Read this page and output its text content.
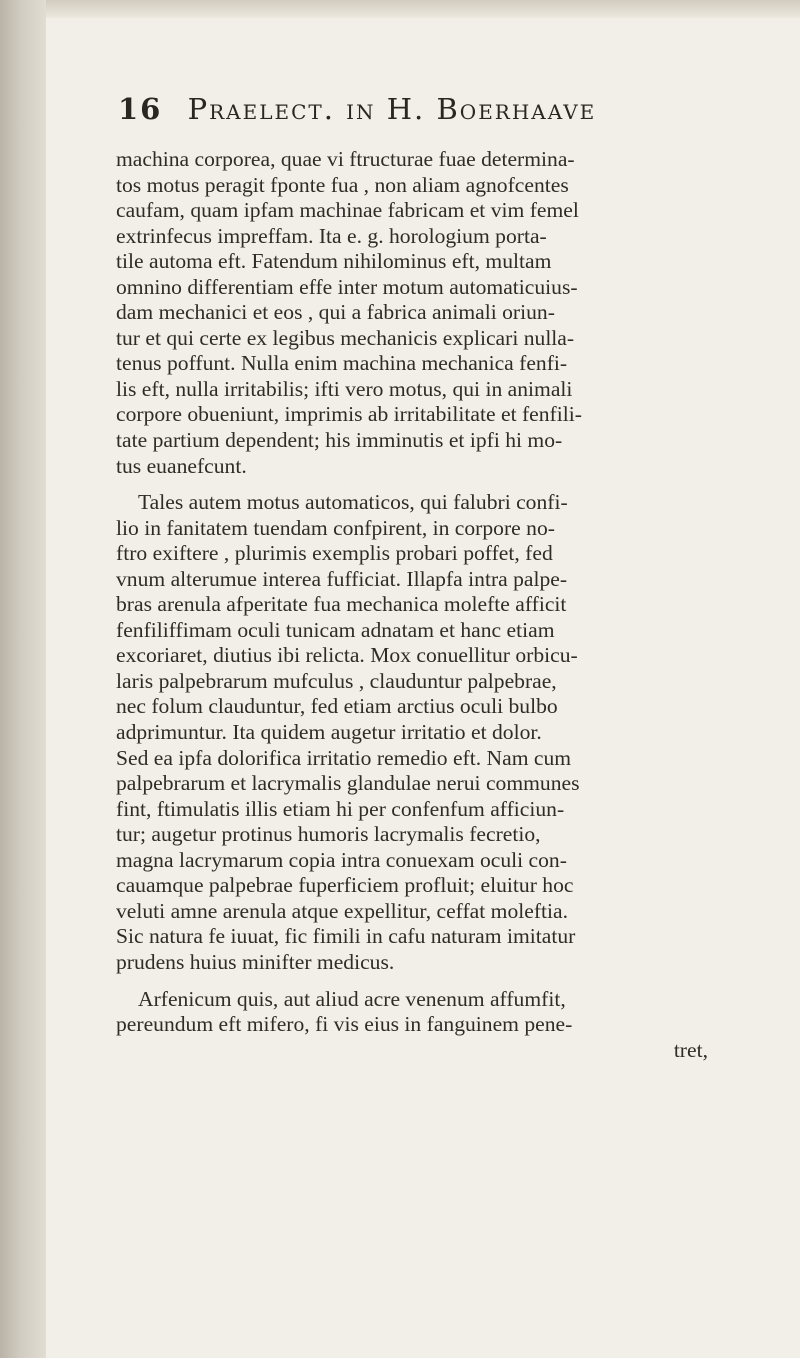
16 Praelect. in H. Boerhaave
machina corporea, quae vi ftructurae fuae determina-
tos motus peragit fponte fua , non aliam agnofcentes
caufam, quam ipfam machinae fabricam et vim femel
extrinfecus impreffam. Ita e. g. horologium porta-
tile automa eft. Fatendum nihilominus eft, multam
omnino differentiam effe inter motum automaticuius-
dam mechanici et eos , qui a fabrica animali oriun-
tur et qui certe ex legibus mechanicis explicari nulla-
tenus poffunt. Nulla enim machina mechanica fenfi-
lis eft, nulla irritabilis; ifti vero motus, qui in animali
corpore obueniunt, imprimis ab irritabilitate et fenfili-
tate partium dependent; his imminutis et ipfi hi mo-
tus euanefcunt.
Tales autem motus automaticos, qui falubri confi-
lio in fanitatem tuendam confpirent, in corpore no-
ftro exiftere , plurimis exemplis probari poffet, fed
vnum alterumue interea fufficiat. Illapfa intra palpe-
bras arenula afperitate fua mechanica molefte afficit
fenfiliffimam oculi tunicam adnatam et hanc etiam
excoriaret, diutius ibi relicta. Mox conuellitur orbicu-
laris palpebrarum mufculus , clauduntur palpebrae,
nec folum clauduntur, fed etiam arctius oculi bulbo
adprimuntur. Ita quidem augetur irritatio et dolor.
Sed ea ipfa dolorifica irritatio remedio eft. Nam cum
palpebrarum et lacrymalis glandulae nerui communes
fint, ftimulatis illis etiam hi per confenfum afficiun-
tur; augetur protinus humoris lacrymalis fecretio,
magna lacrymarum copia intra conuexam oculi con-
cauamque palpebrae fuperficiem profluit; eluitur hoc
veluti amne arenula atque expellitur, ceffat moleftia.
Sic natura fe iuuat, fic fimili in cafu naturam imitatur
prudens huius minifter medicus.
Arfenicum quis, aut aliud acre venenum affumfit,
pereundum eft mifero, fi vis eius in fanguinem pene-
tret,
